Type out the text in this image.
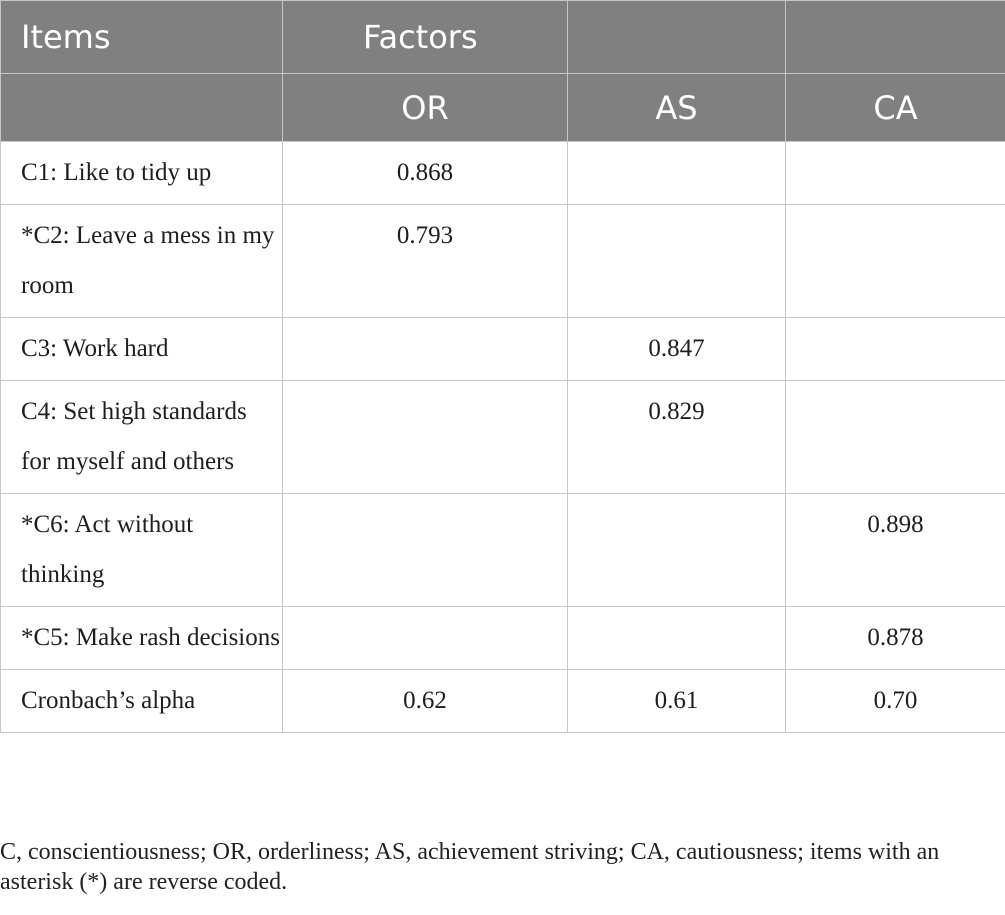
Items	Factors		
	OR	AS	CA
C1: Like to tidy up	0.868		
*C2: Leave a mess in my room	0.793		
C3: Work hard		0.847	
C4: Set high standards for myself and others		0.829	
*C6: Act without thinking			0.898
*C5: Make rash decisions			0.878
Cronbach’s alpha	0.62	0.61	0.70

C, conscientiousness; OR, orderliness; AS, achievement striving; CA, cautiousness; items with an asterisk (*) are reverse coded.
